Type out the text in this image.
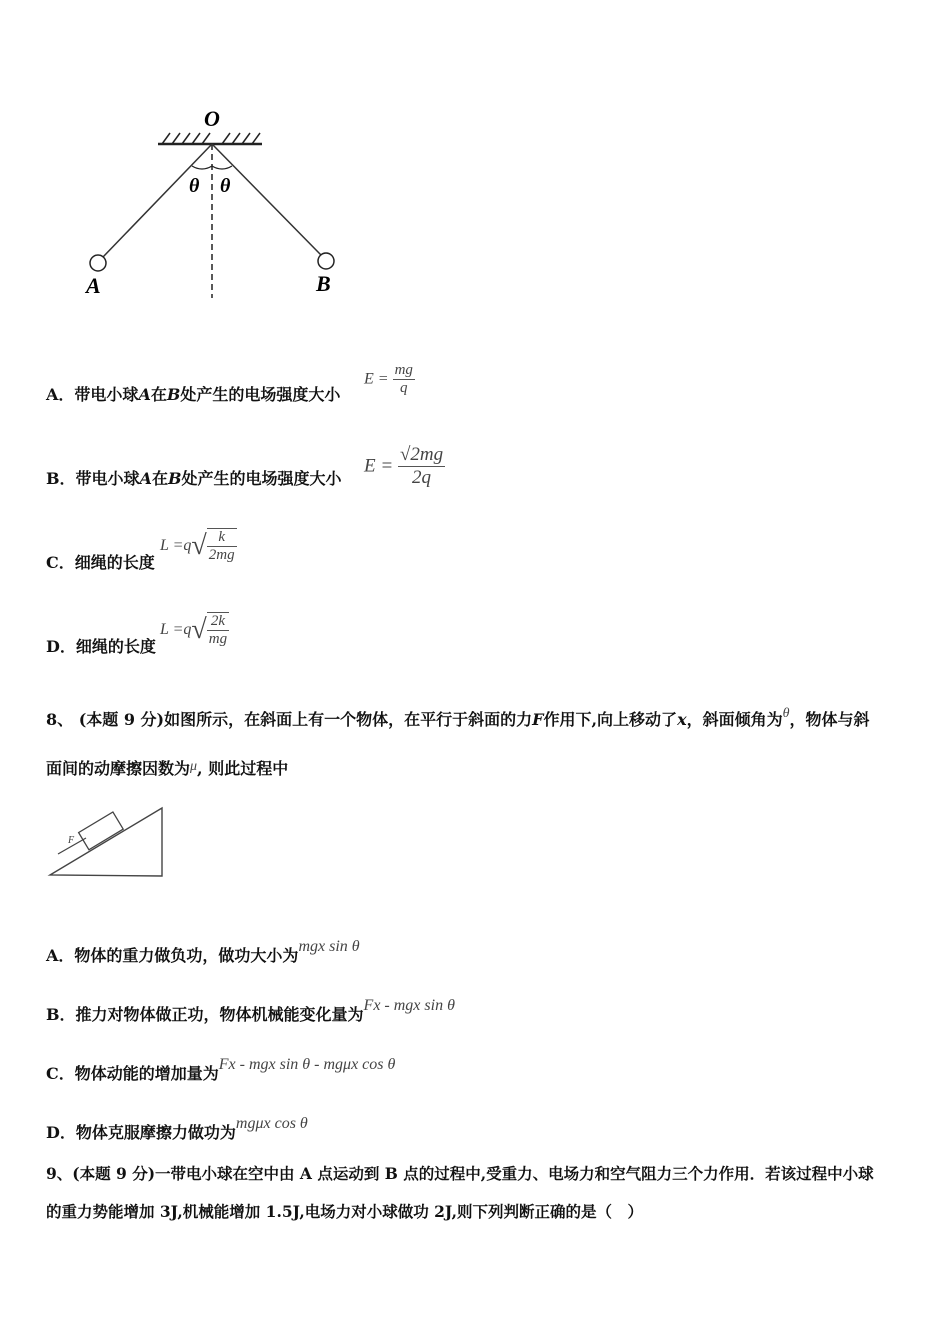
O
θ θ
A	B
A．带电小球A在B处产生的电场强度大小
$E = \frac{mg}{q}$
B．带电小球A在B处产生的电场强度大小
$E = \frac{√2mg}{2q}$
C．细绳的长度
$L =q√ \frac{k}{2mg}$
D．细绳的长度
$L =q√ \frac{2k}{mg}$
8、 (本题 9 分)如图所示，在斜面上有一个物体，在平行于斜面的力F作用下,向上移动了x，斜面倾角为θ，物体与斜
面间的动摩擦因数为μ, 则此过程中
F
A．物体的重力做负功，做功大小为mgx sin θ
B．推力对物体做正功，物体机械能变化量为Fx - mgx sin θ
C．物体动能的增加量为Fx - mgx sin θ - mgμx cos θ
D．物体克服摩擦力做功为mgμx cos θ
9、(本题 9 分)一带电小球在空中由 A 点运动到 B 点的过程中,受重力、电场力和空气阻力三个力作用．若该过程中小球
的重力势能增加 3J,机械能增加 1.5J,电场力对小球做功 2J,则下列判断正确的是（　）
